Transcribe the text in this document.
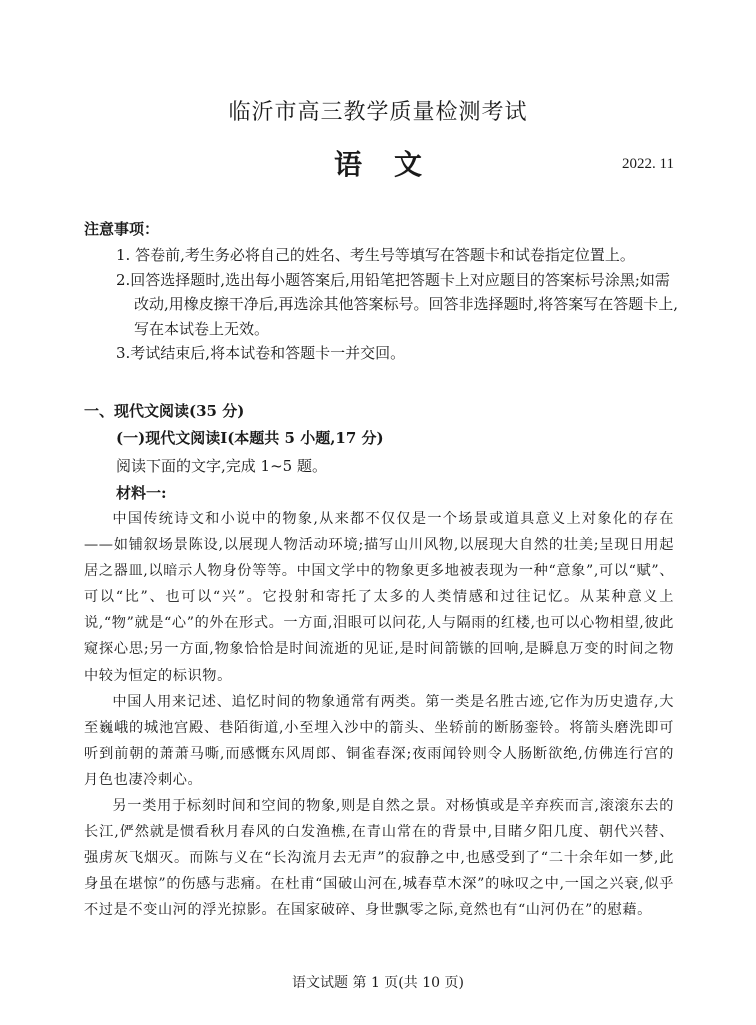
临沂市高三教学质量检测考试
语文	2022. 11
注意事项：

1. 答卷前,考生务必将自己的姓名、考生号等填写在答题卡和试卷指定位置上。

2.回答选择题时,选出每小题答案后,用铅笔把答题卡上对应题目的答案标号涂黑;如需改动,用橡皮擦干净后,再选涂其他答案标号。回答非选择题时,将答案写在答题卡上,写在本试卷上无效。

3.考试结束后,将本试卷和答题卡一并交回。

一、现代文阅读(35 分)
(一)现代文阅读Ⅰ(本题共 5 小题,17 分)
阅读下面的文字,完成 1~5 题。
材料一:

中国传统诗文和小说中的物象,从来都不仅仅是一个场景或道具意义上对象化的存在——如铺叙场景陈设,以展现人物活动环境;描写山川风物,以展现大自然的壮美;呈现日用起居之器皿,以暗示人物身份等等。中国文学中的物象更多地被表现为一种“意象”,可以“赋”、可以“比”、也可以“兴”。它投射和寄托了太多的人类情感和过往记忆。从某种意义上说,“物”就是“心”的外在形式。一方面,泪眼可以问花,人与隔雨的红楼,也可以心物相望,彼此窥探心思;另一方面,物象恰恰是时间流逝的见证,是时间箭镞的回响,是瞬息万变的时间之物中较为恒定的标识物。

中国人用来记述、追忆时间的物象通常有两类。第一类是名胜古迹,它作为历史遗存,大至巍峨的城池宫殿、巷陌街道,小至埋入沙中的箭头、坐轿前的断肠銮铃。将箭头磨洗即可听到前朝的萧萧马嘶,而感慨东风周郎、铜雀春深;夜雨闻铃则令人肠断欲绝,仿佛连行宫的月色也凄冷刺心。

另一类用于标刻时间和空间的物象,则是自然之景。对杨慎或是辛弃疾而言,滚滚东去的长江,俨然就是惯看秋月春风的白发渔樵,在青山常在的背景中,目睹夕阳几度、朝代兴替、强虏灰飞烟灭。而陈与义在“长沟流月去无声”的寂静之中,也感受到了“二十余年如一梦,此身虽在堪惊”的伤感与悲痛。在杜甫“国破山河在,城春草木深”的咏叹之中,一国之兴衰,似乎不过是不变山河的浮光掠影。在国家破碎、身世飘零之际,竟然也有“山河仍在”的慰藉。

语文试题 第 1 页(共 10 页)
